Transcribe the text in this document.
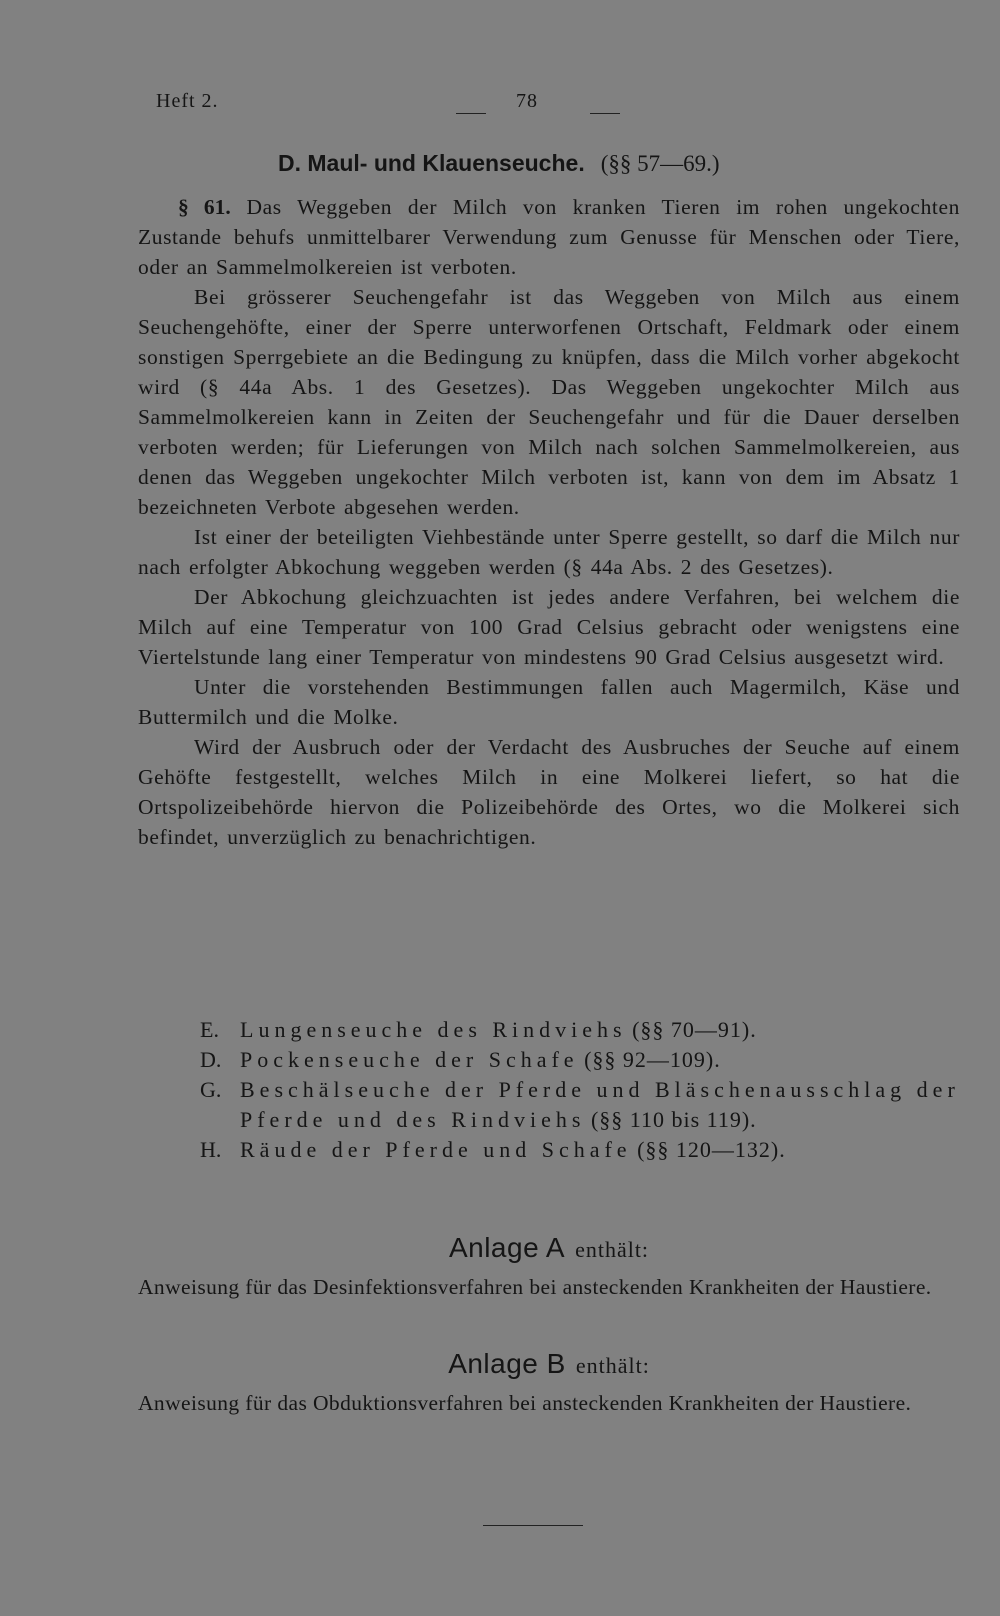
Heft 2.	78
D. Maul- und Klauenseuche. (§§ 57—69.)

§ 61. Das Weggeben der Milch von kranken Tieren im rohen ungekochten Zustande behufs unmittelbarer Verwendung zum Genusse für Menschen oder Tiere, oder an Sammelmolkereien ist verboten.

Bei grösserer Seuchengefahr ist das Weggeben von Milch aus einem Seuchengehöfte, einer der Sperre unterworfenen Ortschaft, Feldmark oder einem sonstigen Sperrgebiete an die Bedingung zu knüpfen, dass die Milch vorher abgekocht wird (§ 44a Abs. 1 des Gesetzes). Das Weggeben ungekochter Milch aus Sammelmolkereien kann in Zeiten der Seuchengefahr und für die Dauer derselben verboten werden; für Lieferungen von Milch nach solchen Sammelmolkereien, aus denen das Weggeben ungekochter Milch verboten ist, kann von dem im Absatz 1 bezeichneten Verbote abgesehen werden.

Ist einer der beteiligten Viehbestände unter Sperre gestellt, so darf die Milch nur nach erfolgter Abkochung weggeben werden (§ 44a Abs. 2 des Gesetzes).

Der Abkochung gleichzuachten ist jedes andere Verfahren, bei welchem die Milch auf eine Temperatur von 100 Grad Celsius gebracht oder wenigstens eine Viertelstunde lang einer Temperatur von mindestens 90 Grad Celsius ausgesetzt wird.

Unter die vorstehenden Bestimmungen fallen auch Magermilch, Käse und Buttermilch und die Molke.

Wird der Ausbruch oder der Verdacht des Ausbruches der Seuche auf einem Gehöfte festgestellt, welches Milch in eine Molkerei liefert, so hat die Ortspolizeibehörde hiervon die Polizeibehörde des Ortes, wo die Molkerei sich befindet, unverzüglich zu benachrichtigen.

E. Lungenseuche des Rindviehs (§§ 70—91).
D. Pockenseuche der Schafe (§§ 92—109).
G. Beschälseuche der Pferde und Bläschenausschlag der Pferde und des Rindviehs (§§ 110 bis 119).
H. Räude der Pferde und Schafe (§§ 120—132).
Anlage A enthält:
Anweisung für das Desinfektionsverfahren bei ansteckenden Krankheiten der Haustiere.
Anlage B enthält:
Anweisung für das Obduktionsverfahren bei ansteckenden Krankheiten der Haustiere.
